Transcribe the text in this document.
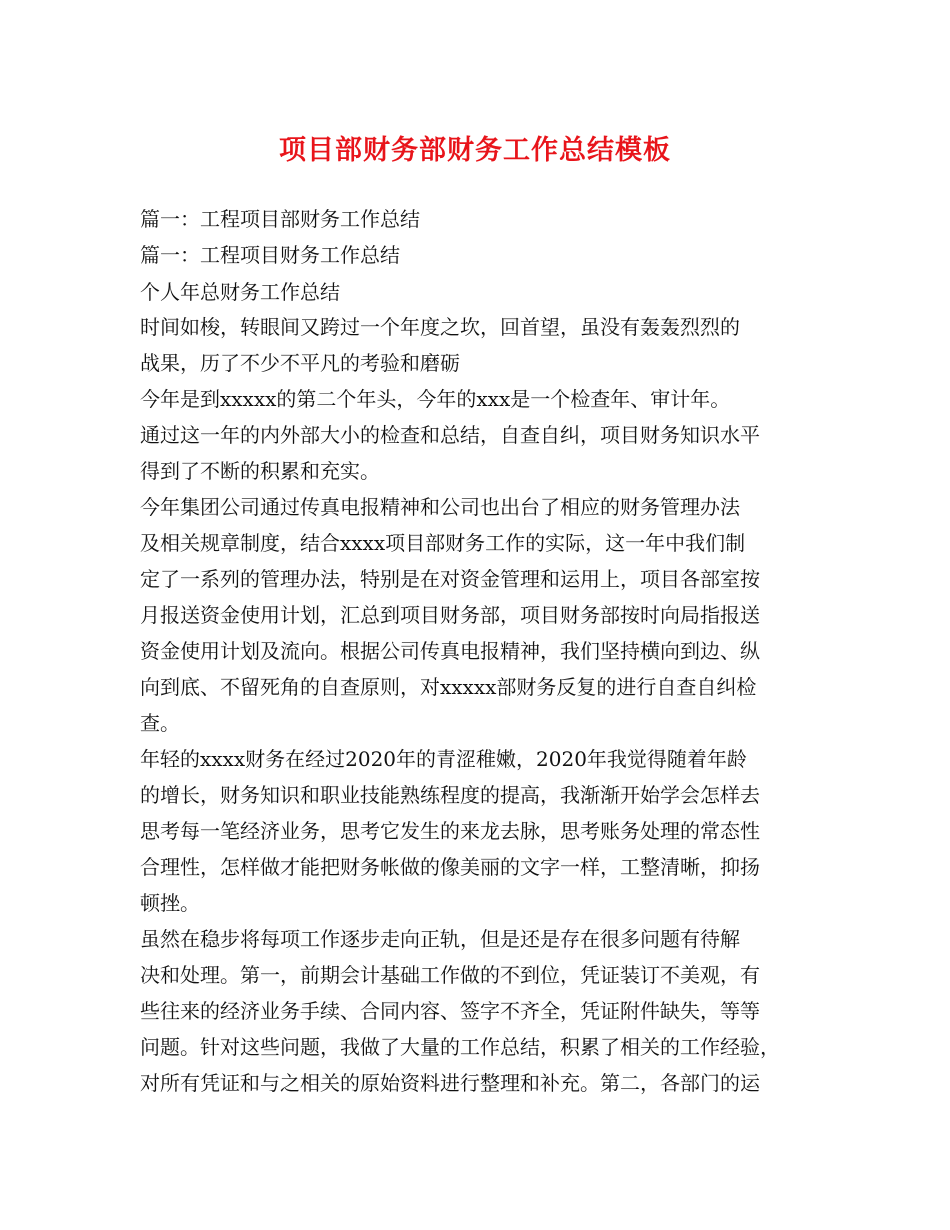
项目部财务部财务工作总结模板
篇一：工程项目部财务工作总结
篇一：工程项目财务工作总结
个人年总财务工作总结
时间如梭，转眼间又跨过一个年度之坎，回首望，虽没有轰轰烈烈的
战果，历了不少不平凡的考验和磨砺
今年是到xxxxx的第二个年头，今年的xxx是一个检查年、审计年。
通过这一年的内外部大小的检查和总结，自查自纠，项目财务知识水平
得到了不断的积累和充实。
今年集团公司通过传真电报精神和公司也出台了相应的财务管理办法
及相关规章制度，结合xxxx项目部财务工作的实际，这一年中我们制
定了一系列的管理办法，特别是在对资金管理和运用上，项目各部室按
月报送资金使用计划，汇总到项目财务部，项目财务部按时向局指报送
资金使用计划及流向。根据公司传真电报精神，我们坚持横向到边、纵
向到底、不留死角的自查原则，对xxxxx部财务反复的进行自查自纠检
查。
年轻的xxxx财务在经过2020年的青涩稚嫩，2020年我觉得随着年龄
的增长，财务知识和职业技能熟练程度的提高，我渐渐开始学会怎样去
思考每一笔经济业务，思考它发生的来龙去脉，思考账务处理的常态性
合理性，怎样做才能把财务帐做的像美丽的文字一样，工整清晰，抑扬
顿挫。
虽然在稳步将每项工作逐步走向正轨，但是还是存在很多问题有待解
决和处理。第一，前期会计基础工作做的不到位，凭证装订不美观，有
些往来的经济业务手续、合同内容、签字不齐全，凭证附件缺失，等等
问题。针对这些问题，我做了大量的工作总结，积累了相关的工作经验，
对所有凭证和与之相关的原始资料进行整理和补充。第二，各部门的运
